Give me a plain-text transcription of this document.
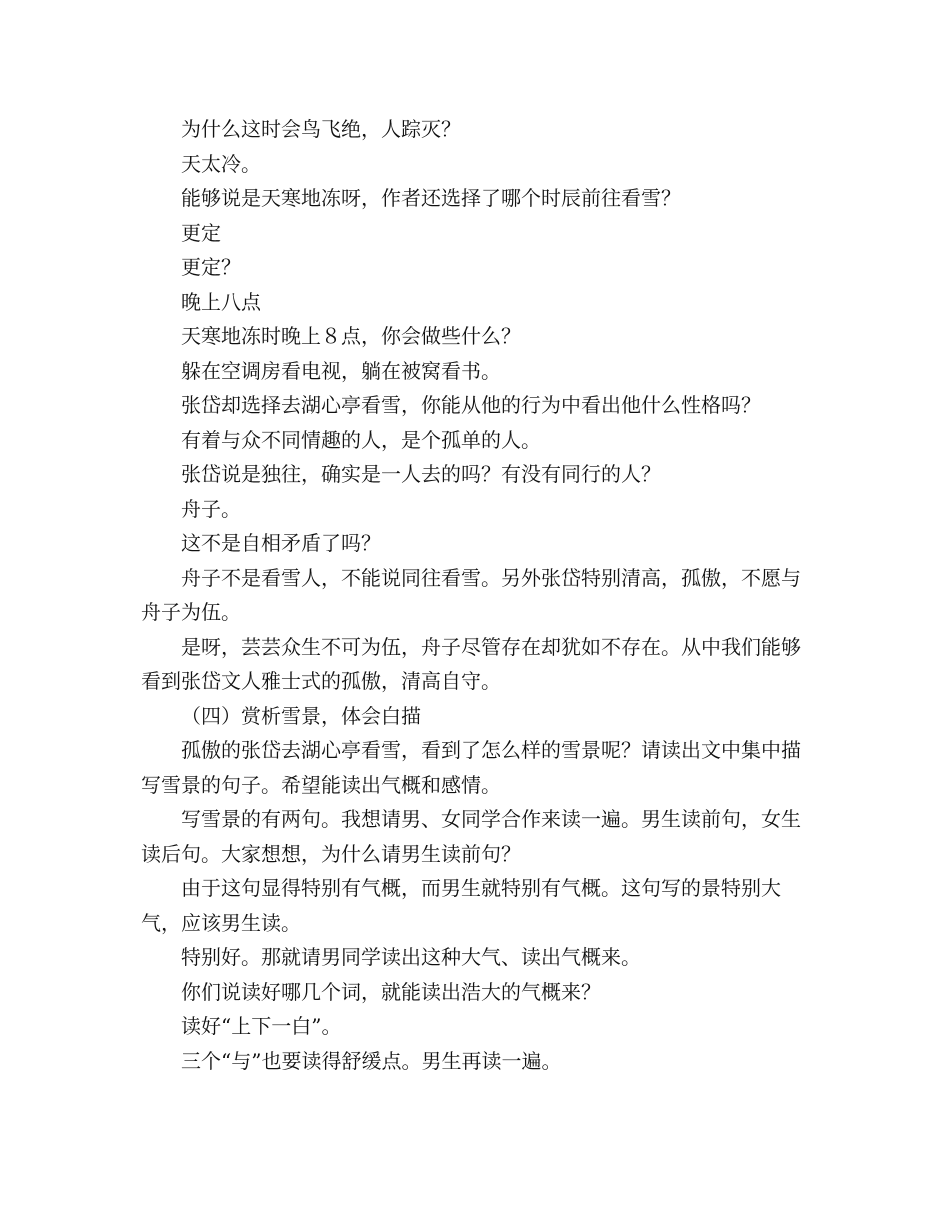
为什么这时会鸟飞绝，人踪灭？

天太冷。

能够说是天寒地冻呀，作者还选择了哪个时辰前往看雪？

更定

更定？

晚上八点

天寒地冻时晚上８点，你会做些什么？

躲在空调房看电视，躺在被窝看书。

张岱却选择去湖心亭看雪，你能从他的行为中看出他什么性格吗？

有着与众不同情趣的人，是个孤单的人。

张岱说是独往，确实是一人去的吗？有没有同行的人？

舟子。

这不是自相矛盾了吗？

舟子不是看雪人，不能说同往看雪。另外张岱特别清高，孤傲，不愿与舟子为伍。

是呀，芸芸众生不可为伍，舟子尽管存在却犹如不存在。从中我们能够看到张岱文人雅士式的孤傲，清高自守。

（四）赏析雪景，体会白描

孤傲的张岱去湖心亭看雪，看到了怎么样的雪景呢？请读出文中集中描写雪景的句子。希望能读出气概和感情。

写雪景的有两句。我想请男、女同学合作来读一遍。男生读前句，女生读后句。大家想想，为什么请男生读前句？

由于这句显得特别有气概，而男生就特别有气概。这句写的景特别大气，应该男生读。

特别好。那就请男同学读出这种大气、读出气概来。

你们说读好哪几个词，就能读出浩大的气概来？

读好“上下一白”。

三个“与”也要读得舒缓点。男生再读一遍。
